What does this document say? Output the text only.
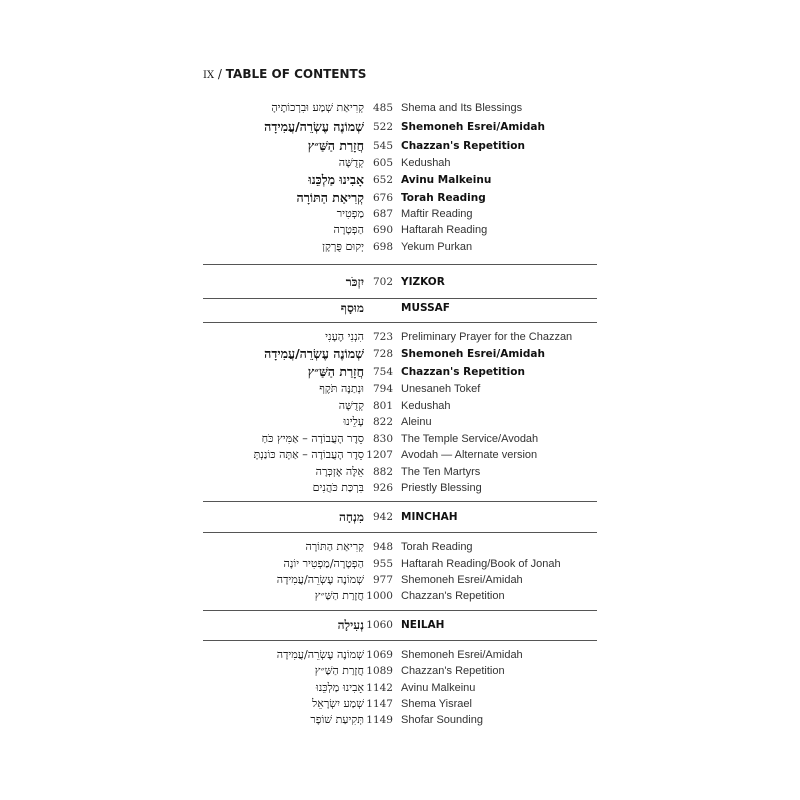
IX / TABLE OF CONTENTS
קְרִיאַת שְׁמַע וּבִרְכוֹתֶיהָ 485 Shema and Its Blessings
שְׁמוֹנֶה עֶשְׂרֵה/עֲמִידָה 522 Shemoneh Esrei/Amidah
חֲזָרַת הַשַּׁ״ץ 545 Chazzan's Repetition
קְדֻשָּׁה 605 Kedushah
אָבִינוּ מַלְכֵּנוּ 652 Avinu Malkeinu
קְרִיאַת הַתּוֹרָה 676 Torah Reading
מַפְטִיר 687 Maftir Reading
הַפְטָרָה 690 Haftarah Reading
יְקוּם פֻּרְקָן 698 Yekum Purkan
יִזְכֹּר 702 YIZKOR
מוּסָף	MUSSAF
הִנְנִי הֶעָנִי 723 Preliminary Prayer for the Chazzan
שְׁמוֹנֶה עֶשְׂרֵה/עֲמִידָה 728 Shemoneh Esrei/Amidah
חֲזָרַת הַשַּׁ״ץ 754 Chazzan's Repetition
וּנְתַנֶּה תֹּקֶף 794 Unesaneh Tokef
קְדֻשָּׁה 801 Kedushah
עָלֵינוּ 822 Aleinu
סֵדֶר הָעֲבוֹדָה – אַמִּיץ כֹּחַ 830 The Temple Service/Avodah
סֵדֶר הָעֲבוֹדָה – אַתָּה כּוֹנַנְתָּ 1207 Avodah — Alternate version
אֵלֶּה אֶזְכְּרָה 882 The Ten Martyrs
בִּרְכַּת כֹּהֲנִים 926 Priestly Blessing
מִנְחָה 942 MINCHAH
קְרִיאַת הַתּוֹרָה 948 Torah Reading
הַפְטָרָה/מַפְטִיר יוֹנָה 955 Haftarah Reading/Book of Jonah
שְׁמוֹנֶה עֶשְׂרֵה/עֲמִידָה 977 Shemoneh Esrei/Amidah
חֲזָרַת הַשַּׁ״ץ 1000 Chazzan's Repetition
נְעִילָה 1060 NEILAH
שְׁמוֹנֶה עֶשְׂרֵה/עֲמִידָה 1069 Shemoneh Esrei/Amidah
חֲזָרַת הַשַּׁ״ץ 1089 Chazzan's Repetition
אָבִינוּ מַלְכֵּנוּ 1142 Avinu Malkeinu
שְׁמַע יִשְׂרָאֵל 1147 Shema Yisrael
תְּקִיעַת שׁוֹפָר 1149 Shofar Sounding
